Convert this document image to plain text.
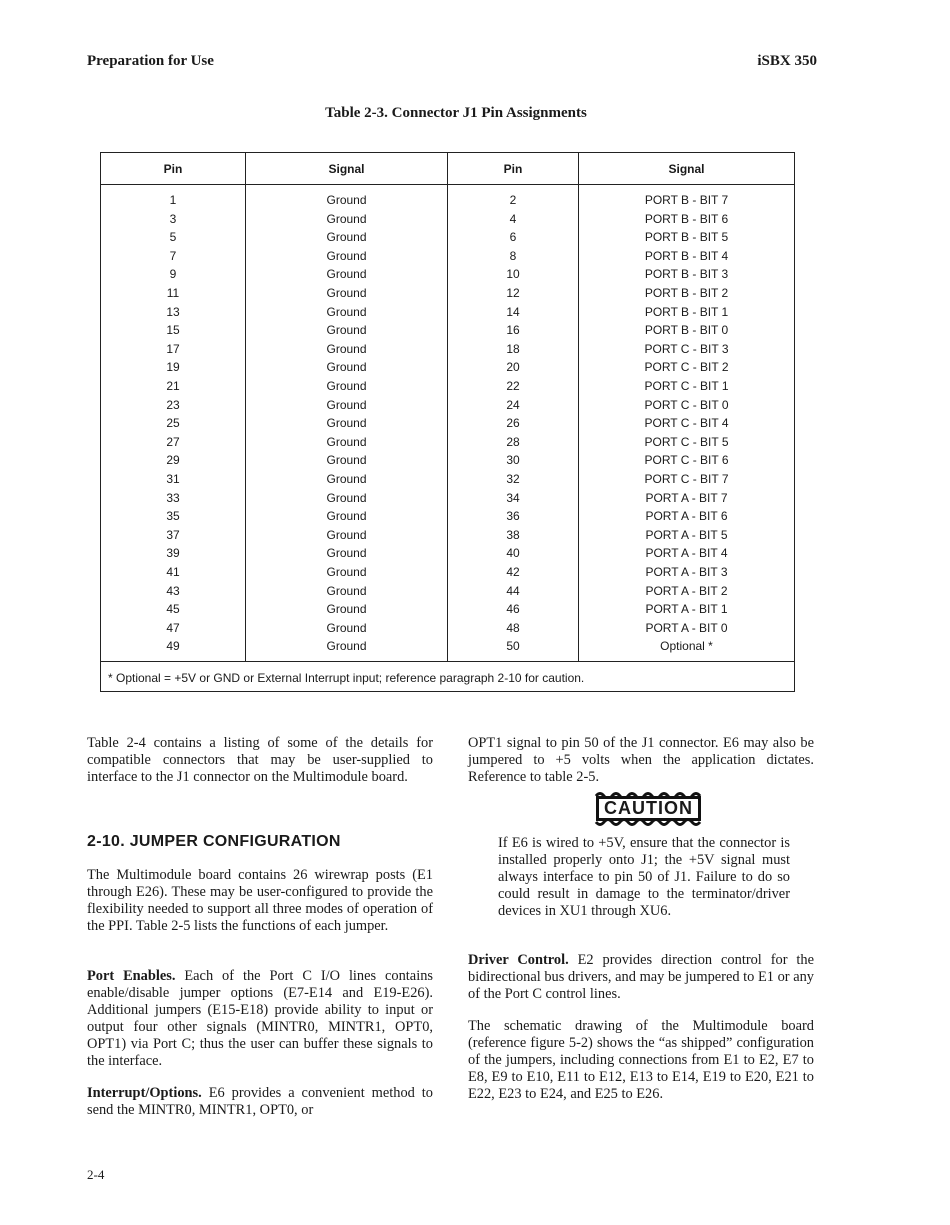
Preparation for Use	iSBX 350
Table 2-3. Connector J1 Pin Assignments
Pin	Signal	Pin	Signal
1	Ground	2	PORT B - BIT 7
3	Ground	4	PORT B - BIT 6
5	Ground	6	PORT B - BIT 5
7	Ground	8	PORT B - BIT 4
9	Ground	10	PORT B - BIT 3
11	Ground	12	PORT B - BIT 2
13	Ground	14	PORT B - BIT 1
15	Ground	16	PORT B - BIT 0
17	Ground	18	PORT C - BIT 3
19	Ground	20	PORT C - BIT 2
21	Ground	22	PORT C - BIT 1
23	Ground	24	PORT C - BIT 0
25	Ground	26	PORT C - BIT 4
27	Ground	28	PORT C - BIT 5
29	Ground	30	PORT C - BIT 6
31	Ground	32	PORT C - BIT 7
33	Ground	34	PORT A - BIT 7
35	Ground	36	PORT A - BIT 6
37	Ground	38	PORT A - BIT 5
39	Ground	40	PORT A - BIT 4
41	Ground	42	PORT A - BIT 3
43	Ground	44	PORT A - BIT 2
45	Ground	46	PORT A - BIT 1
47	Ground	48	PORT A - BIT 0
49	Ground	50	Optional *
* Optional = +5V or GND or External Interrupt input; reference paragraph 2-10 for caution.

Table 2-4 contains a listing of some of the details for compatible connectors that may be user-supplied to interface to the J1 connector on the Multimodule board.

2-10. JUMPER CONFIGURATION

The Multimodule board contains 26 wirewrap posts (E1 through E26). These may be user-configured to provide the flexibility needed to support all three modes of operation of the PPI. Table 2-5 lists the functions of each jumper.

Port Enables. Each of the Port C I/O lines contains enable/disable jumper options (E7-E14 and E19-E26). Additional jumpers (E15-E18) provide ability to input or output four other signals (MINTR0, MINTR1, OPT0, OPT1) via Port C; thus the user can buffer these signals to the interface.

Interrupt/Options. E6 provides a convenient method to send the MINTR0, MINTR1, OPT0, or

OPT1 signal to pin 50 of the J1 connector. E6 may also be jumpered to +5 volts when the application dictates. Reference to table 2-5.

CAUTION

If E6 is wired to +5V, ensure that the connector is installed properly onto J1; the +5V signal must always interface to pin 50 of J1. Failure to do so could result in damage to the terminator/driver devices in XU1 through XU6.

Driver Control. E2 provides direction control for the bidirectional bus drivers, and may be jumpered to E1 or any of the Port C control lines.

The schematic drawing of the Multimodule board (reference figure 5-2) shows the “as shipped” configuration of the jumpers, including connections from E1 to E2, E7 to E8, E9 to E10, E11 to E12, E13 to E14, E19 to E20, E21 to E22, E23 to E24, and E25 to E26.

2-4
